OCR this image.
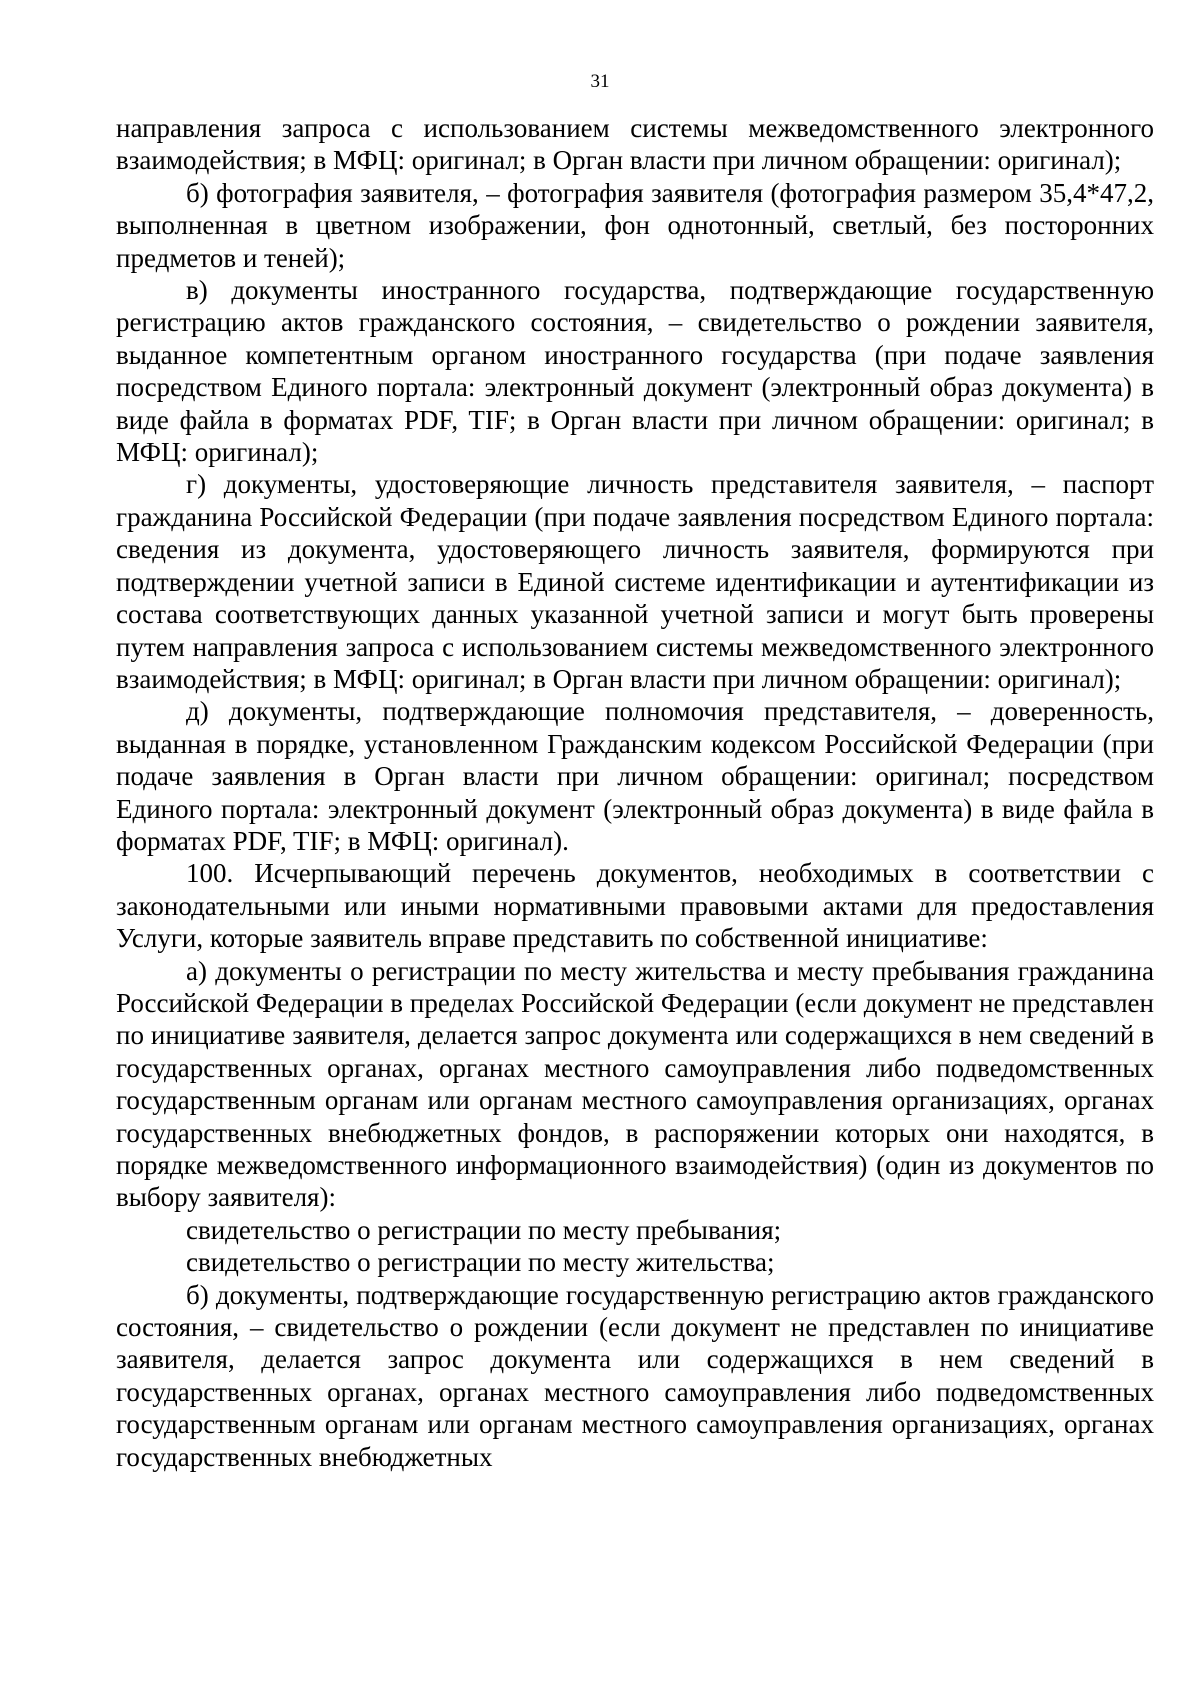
31

направления запроса с использованием системы межведомственного электронного взаимодействия; в МФЦ: оригинал; в Орган власти при личном обращении: оригинал);

б) фотография заявителя, – фотография заявителя (фотография размером 35,4*47,2, выполненная в цветном изображении, фон однотонный, светлый, без посторонних предметов и теней);

в) документы иностранного государства, подтверждающие государственную регистрацию актов гражданского состояния, – свидетельство о рождении заявителя, выданное компетентным органом иностранного государства (при подаче заявления посредством Единого портала: электронный документ (электронный образ документа) в виде файла в форматах PDF, TIF; в Орган власти при личном обращении: оригинал; в МФЦ: оригинал);

г) документы, удостоверяющие личность представителя заявителя, – паспорт гражданина Российской Федерации (при подаче заявления посредством Единого портала: сведения из документа, удостоверяющего личность заявителя, формируются при подтверждении учетной записи в Единой системе идентификации и аутентификации из состава соответствующих данных указанной учетной записи и могут быть проверены путем направления запроса с использованием системы межведомственного электронного взаимодействия; в МФЦ: оригинал; в Орган власти при личном обращении: оригинал);

д) документы, подтверждающие полномочия представителя, – доверенность, выданная в порядке, установленном Гражданским кодексом Российской Федерации (при подаче заявления в Орган власти при личном обращении: оригинал; посредством Единого портала: электронный документ (электронный образ документа) в виде файла в форматах PDF, TIF; в МФЦ: оригинал).

100. Исчерпывающий перечень документов, необходимых в соответствии с законодательными или иными нормативными правовыми актами для предоставления Услуги, которые заявитель вправе представить по собственной инициативе:

а) документы о регистрации по месту жительства и месту пребывания гражданина Российской Федерации в пределах Российской Федерации (если документ не представлен по инициативе заявителя, делается запрос документа или содержащихся в нем сведений в государственных органах, органах местного самоуправления либо подведомственных государственным органам или органам местного самоуправления организациях, органах государственных внебюджетных фондов, в распоряжении которых они находятся, в порядке межведомственного информационного взаимодействия) (один из документов по выбору заявителя):

свидетельство о регистрации по месту пребывания;

свидетельство о регистрации по месту жительства;

б) документы, подтверждающие государственную регистрацию актов гражданского состояния, – свидетельство о рождении (если документ не представлен по инициативе заявителя, делается запрос документа или содержащихся в нем сведений в государственных органах, органах местного самоуправления либо подведомственных государственным органам или органам местного самоуправления организациях, органах государственных внебюджетных
